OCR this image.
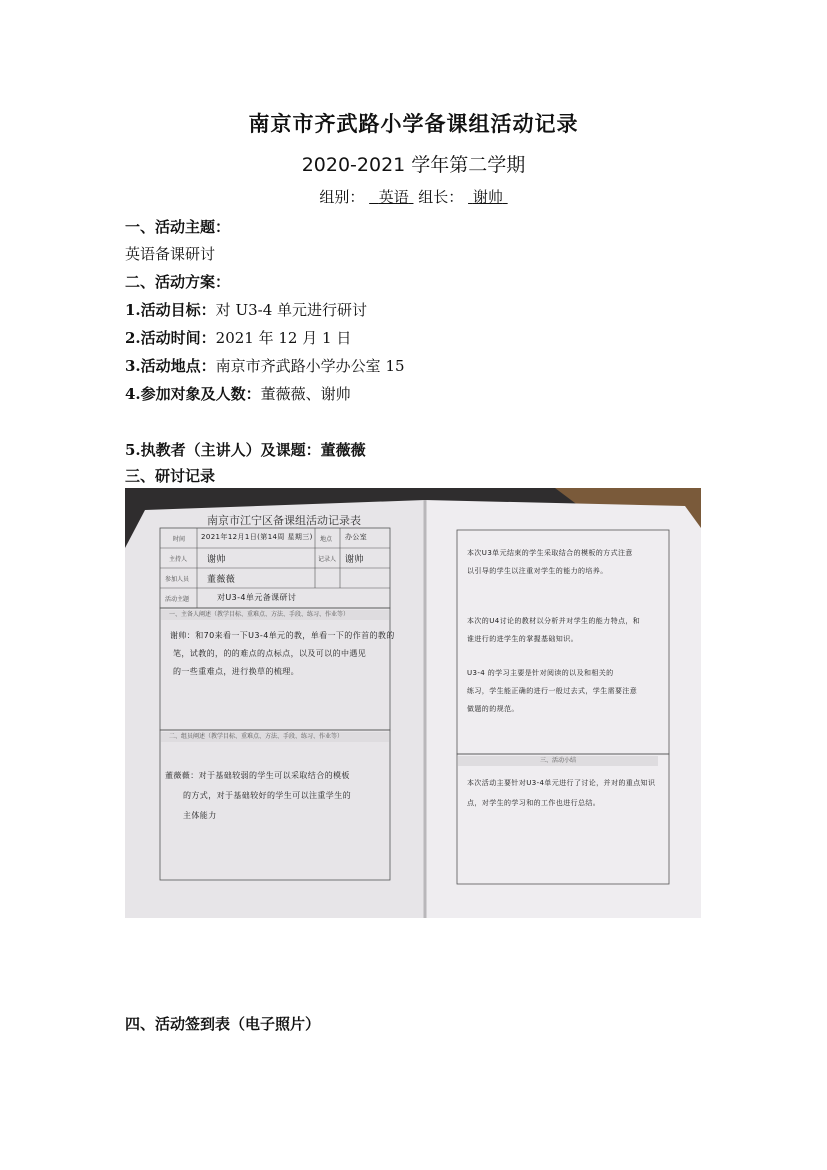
南京市齐武路小学备课组活动记录
2020-2021 学年第二学期
组别： 英语 组长： 谢帅
一、活动主题：
英语备课研讨
二、活动方案：
1.活动目标：对 U3-4 单元进行研讨
2.活动时间：2021 年 12 月 1 日
3.活动地点：南京市齐武路小学办公室 15
4.参加对象及人数：董薇薇、谢帅
5.执教者（主讲人）及课题：董薇薇
三、研讨记录
南京市江宁区备课组活动记录表
时间 2021年12月1日(第14周 星期三) 地点 办公室
主持人 谢帅	记录人 谢帅
参加人员 董薇薇
活动主题	对U3-4单元备课研讨
一、主备人阐述（教学目标、重难点、方法、手段、练习、作业等）
谢帅：和70来看一下U3-4单元的教，单看一下的作首的教的
笔，试教的，的的难点的点标点，以及可以的中遇见
的一些重难点，进行换草的梳理。
二、组员阐述（教学目标、重难点、方法、手段、练习、作业等）
董薇薇：对于基础较弱的学生可以采取结合的模板
的方式，对于基础较好的学生可以注重学生的
主体能力
本次U3单元结束的学生采取结合的模板的方式注意
以引导的学生以注重对学生的能力的培养。
本次的U4讨论的教材以分析并对学生的能力特点，和
谁进行的进学生的掌握基础知识。
U3-4 的学习主要是针对阅读的以及和相关的
练习，学生能正确的进行一般过去式，学生需要注意
做题的的规范。
三、活动小结
本次活动主要针对U3-4单元进行了讨论，并对的重点知识
点，对学生的学习和的工作也进行总结。
四、活动签到表（电子照片）
